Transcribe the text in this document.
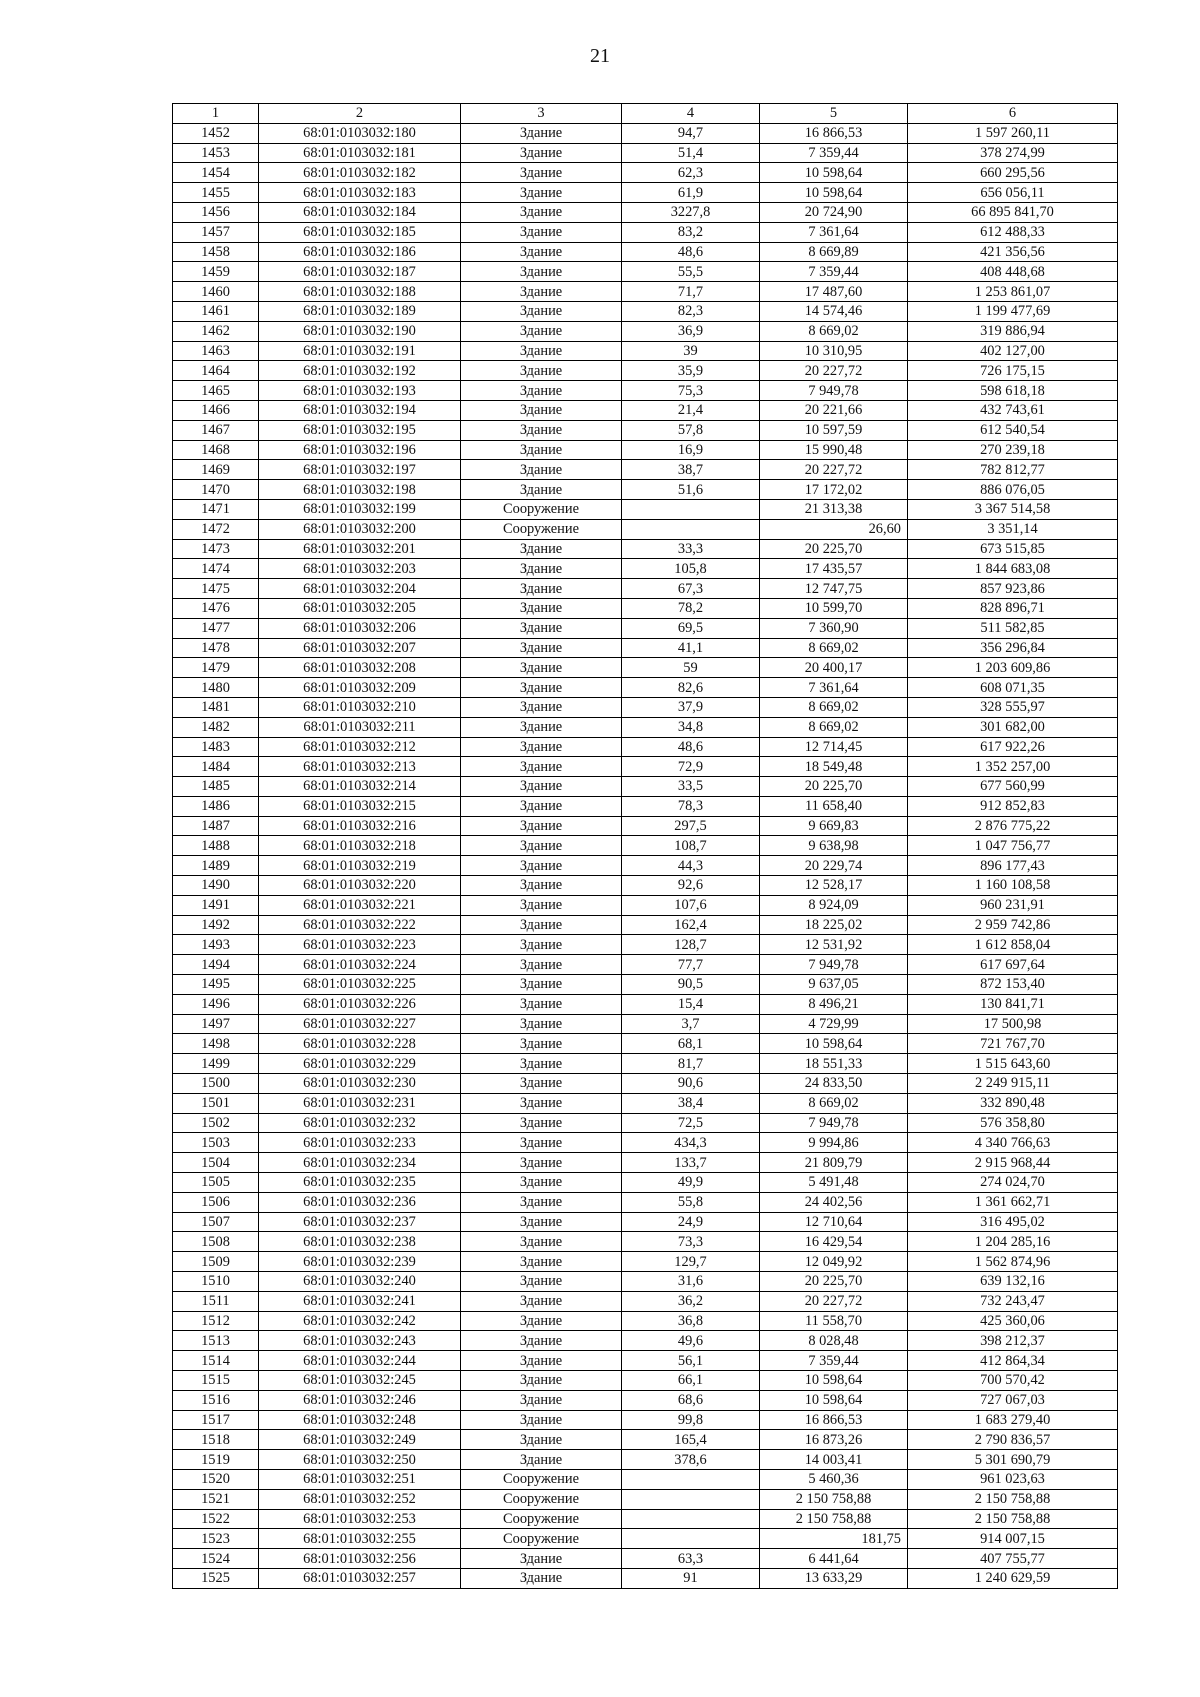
21
1	2	3	4	5	6
1452	68:01:0103032:180	Здание	94,7	16 866,53	1 597 260,11
1453	68:01:0103032:181	Здание	51,4	7 359,44	378 274,99
1454	68:01:0103032:182	Здание	62,3	10 598,64	660 295,56
1455	68:01:0103032:183	Здание	61,9	10 598,64	656 056,11
1456	68:01:0103032:184	Здание	3227,8	20 724,90	66 895 841,70
1457	68:01:0103032:185	Здание	83,2	7 361,64	612 488,33
1458	68:01:0103032:186	Здание	48,6	8 669,89	421 356,56
1459	68:01:0103032:187	Здание	55,5	7 359,44	408 448,68
1460	68:01:0103032:188	Здание	71,7	17 487,60	1 253 861,07
1461	68:01:0103032:189	Здание	82,3	14 574,46	1 199 477,69
1462	68:01:0103032:190	Здание	36,9	8 669,02	319 886,94
1463	68:01:0103032:191	Здание	39	10 310,95	402 127,00
1464	68:01:0103032:192	Здание	35,9	20 227,72	726 175,15
1465	68:01:0103032:193	Здание	75,3	7 949,78	598 618,18
1466	68:01:0103032:194	Здание	21,4	20 221,66	432 743,61
1467	68:01:0103032:195	Здание	57,8	10 597,59	612 540,54
1468	68:01:0103032:196	Здание	16,9	15 990,48	270 239,18
1469	68:01:0103032:197	Здание	38,7	20 227,72	782 812,77
1470	68:01:0103032:198	Здание	51,6	17 172,02	886 076,05
1471	68:01:0103032:199	Сооружение		21 313,38	3 367 514,58
1472	68:01:0103032:200	Сооружение		26,60	3 351,14
1473	68:01:0103032:201	Здание	33,3	20 225,70	673 515,85
1474	68:01:0103032:203	Здание	105,8	17 435,57	1 844 683,08
1475	68:01:0103032:204	Здание	67,3	12 747,75	857 923,86
1476	68:01:0103032:205	Здание	78,2	10 599,70	828 896,71
1477	68:01:0103032:206	Здание	69,5	7 360,90	511 582,85
1478	68:01:0103032:207	Здание	41,1	8 669,02	356 296,84
1479	68:01:0103032:208	Здание	59	20 400,17	1 203 609,86
1480	68:01:0103032:209	Здание	82,6	7 361,64	608 071,35
1481	68:01:0103032:210	Здание	37,9	8 669,02	328 555,97
1482	68:01:0103032:211	Здание	34,8	8 669,02	301 682,00
1483	68:01:0103032:212	Здание	48,6	12 714,45	617 922,26
1484	68:01:0103032:213	Здание	72,9	18 549,48	1 352 257,00
1485	68:01:0103032:214	Здание	33,5	20 225,70	677 560,99
1486	68:01:0103032:215	Здание	78,3	11 658,40	912 852,83
1487	68:01:0103032:216	Здание	297,5	9 669,83	2 876 775,22
1488	68:01:0103032:218	Здание	108,7	9 638,98	1 047 756,77
1489	68:01:0103032:219	Здание	44,3	20 229,74	896 177,43
1490	68:01:0103032:220	Здание	92,6	12 528,17	1 160 108,58
1491	68:01:0103032:221	Здание	107,6	8 924,09	960 231,91
1492	68:01:0103032:222	Здание	162,4	18 225,02	2 959 742,86
1493	68:01:0103032:223	Здание	128,7	12 531,92	1 612 858,04
1494	68:01:0103032:224	Здание	77,7	7 949,78	617 697,64
1495	68:01:0103032:225	Здание	90,5	9 637,05	872 153,40
1496	68:01:0103032:226	Здание	15,4	8 496,21	130 841,71
1497	68:01:0103032:227	Здание	3,7	4 729,99	17 500,98
1498	68:01:0103032:228	Здание	68,1	10 598,64	721 767,70
1499	68:01:0103032:229	Здание	81,7	18 551,33	1 515 643,60
1500	68:01:0103032:230	Здание	90,6	24 833,50	2 249 915,11
1501	68:01:0103032:231	Здание	38,4	8 669,02	332 890,48
1502	68:01:0103032:232	Здание	72,5	7 949,78	576 358,80
1503	68:01:0103032:233	Здание	434,3	9 994,86	4 340 766,63
1504	68:01:0103032:234	Здание	133,7	21 809,79	2 915 968,44
1505	68:01:0103032:235	Здание	49,9	5 491,48	274 024,70
1506	68:01:0103032:236	Здание	55,8	24 402,56	1 361 662,71
1507	68:01:0103032:237	Здание	24,9	12 710,64	316 495,02
1508	68:01:0103032:238	Здание	73,3	16 429,54	1 204 285,16
1509	68:01:0103032:239	Здание	129,7	12 049,92	1 562 874,96
1510	68:01:0103032:240	Здание	31,6	20 225,70	639 132,16
1511	68:01:0103032:241	Здание	36,2	20 227,72	732 243,47
1512	68:01:0103032:242	Здание	36,8	11 558,70	425 360,06
1513	68:01:0103032:243	Здание	49,6	8 028,48	398 212,37
1514	68:01:0103032:244	Здание	56,1	7 359,44	412 864,34
1515	68:01:0103032:245	Здание	66,1	10 598,64	700 570,42
1516	68:01:0103032:246	Здание	68,6	10 598,64	727 067,03
1517	68:01:0103032:248	Здание	99,8	16 866,53	1 683 279,40
1518	68:01:0103032:249	Здание	165,4	16 873,26	2 790 836,57
1519	68:01:0103032:250	Здание	378,6	14 003,41	5 301 690,79
1520	68:01:0103032:251	Сооружение		5 460,36	961 023,63
1521	68:01:0103032:252	Сооружение		2 150 758,88	2 150 758,88
1522	68:01:0103032:253	Сооружение		2 150 758,88	2 150 758,88
1523	68:01:0103032:255	Сооружение		181,75	914 007,15
1524	68:01:0103032:256	Здание	63,3	6 441,64	407 755,77
1525	68:01:0103032:257	Здание	91	13 633,29	1 240 629,59
